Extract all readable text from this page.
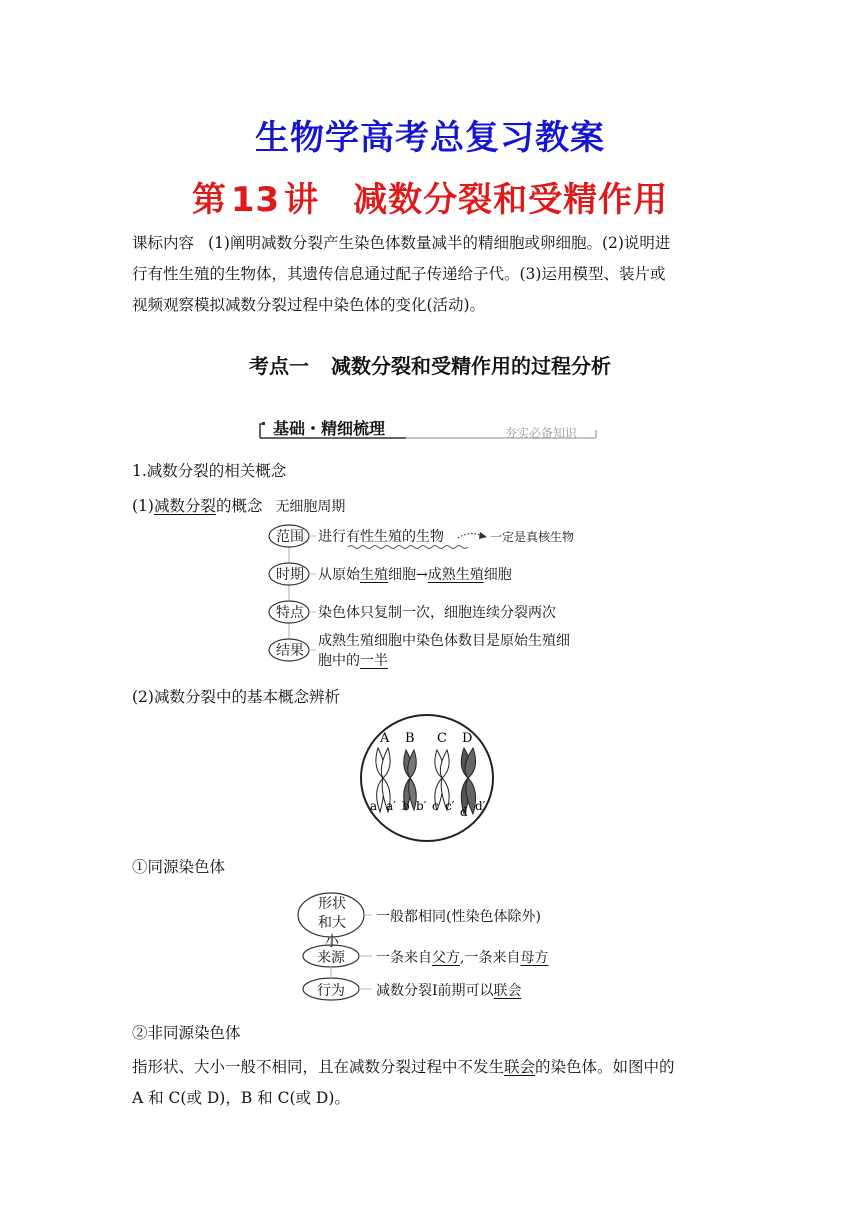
生物学高考总复习教案
第 13 讲 减数分裂和受精作用
课标内容 (1)阐明减数分裂产生染色体数量减半的精细胞或卵细胞。(2)说明进
行有性生殖的生物体，其遗传信息通过配子传递给子代。(3)运用模型、装片或
视频观察模拟减数分裂过程中染色体的变化(活动)。
考点一 减数分裂和受精作用的过程分析
基础・精细梳理	夯实必备知识
1.减数分裂的相关概念
(1)减数分裂的概念 无细胞周期
范围 进行有性生殖的生物	一定是真核生物
时期 从原始生殖细胞→成熟生殖细胞
特点 染色体只复制一次，细胞连续分裂两次
结果
成熟生殖细胞中染色体数目是原始生殖细
胞中的一半
(2)减数分裂中的基本概念辨析
A B C D
a a′ b b′ c c′ d d′
①同源染色体
形状
和大小
一般都相同(性染色体除外)
来源 一条来自父方,一条来自母方
行为 减数分裂Ⅰ前期可以联会
②非同源染色体
指形状、大小一般不相同，且在减数分裂过程中不发生联会的染色体。如图中的
A 和 C(或 D)，B 和 C(或 D)。
